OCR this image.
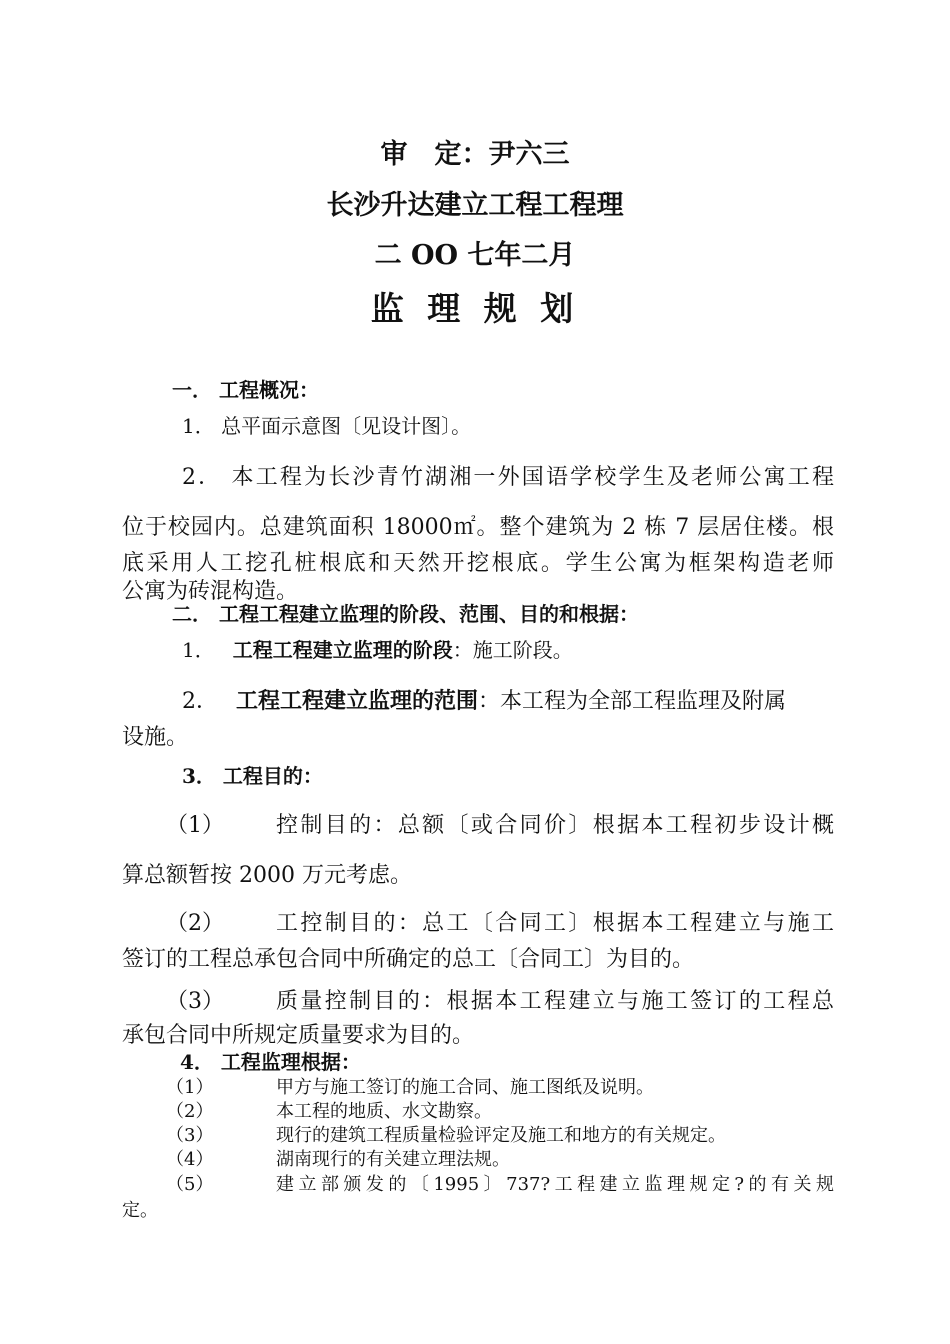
审　定：尹六三
长沙升达建立工程工程理
二 OO 七年二月
监 理 规 划
一． 工程概况：
1． 总平面示意图〔见设计图〕。
2． 本工程为长沙青竹湖湘一外国语学校学生及老师公寓工程
位于校园内。总建筑面积 18000㎡。整个建筑为 2 栋 7 层居住楼。根
底采用人工挖孔桩根底和天然开挖根底。学生公寓为框架构造老师
公寓为砖混构造。
二． 工程工程建立监理的阶段、范围、目的和根据：
1． 工程工程建立监理的阶段：施工阶段。
2． 工程工程建立监理的范围：本工程为全部工程监理及附属
设施。
3． 工程目的：
（1） 控制目的：总额〔或合同价〕根据本工程初步设计概
算总额暂按 2000 万元考虑。
（2） 工控制目的：总工〔合同工〕根据本工程建立与施工
签订的工程总承包合同中所确定的总工〔合同工〕为目的。
（3） 质量控制目的：根据本工程建立与施工签订的工程总
承包合同中所规定质量要求为目的。
4． 工程监理根据：
（1）	甲方与施工签订的施工合同、施工图纸及说明。
（2）	本工程的地质、水文勘察。
（3）	现行的建筑工程质量检验评定及施工和地方的有关规定。
（4）	湖南现行的有关建立理法规。
（5）	建立部颁发的〔1995〕737?工程建立监理规定?的有关规
定。
